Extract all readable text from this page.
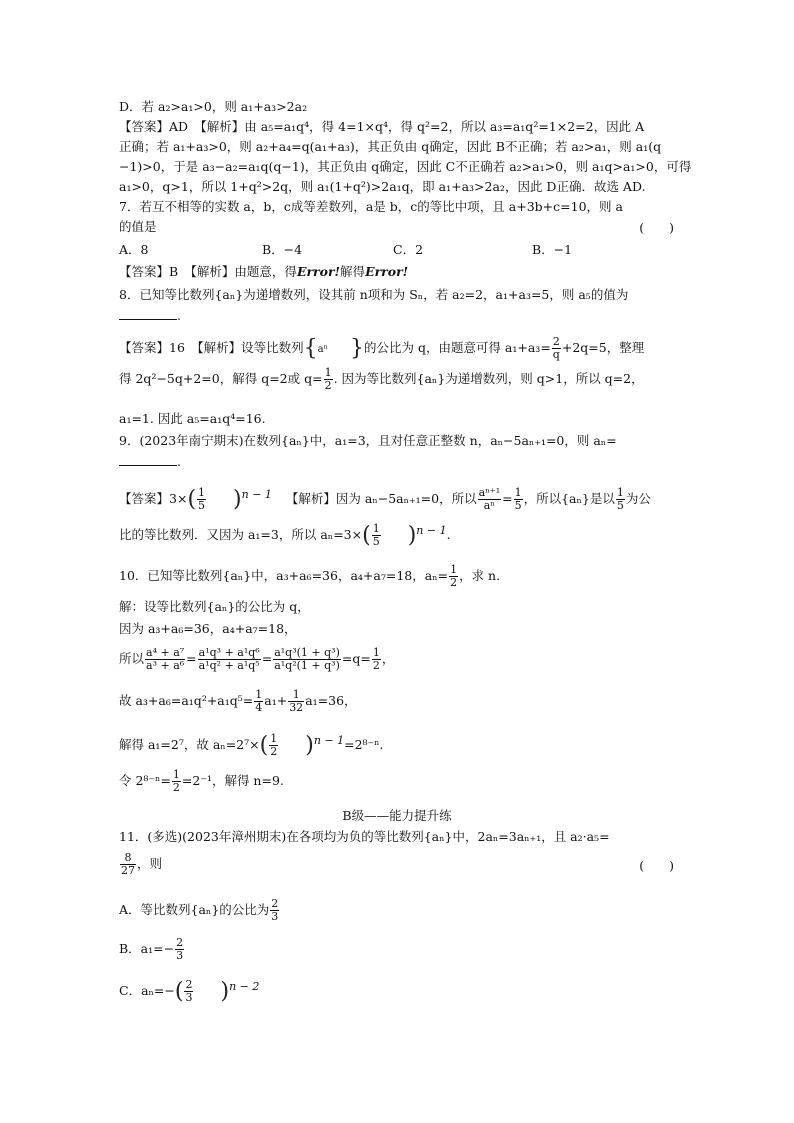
D．若 a₂>a₁>0，则 a₁+a₃>2a₂
【答案】AD　【解析】由 a₅=a₁q⁴，得 4=1×q⁴，得 q²=2，所以 a₃=a₁q²=1×2=2，因此 A
正确；若 a₁+a₃>0，则 a₂+a₄=q(a₁+a₃)，其正负由 q确定，因此 B不正确；若 a₂>a₁，则 a₁(q
−1)>0，于是 a₃−a₂=a₁q(q−1)，其正负由 q确定，因此 C不正确若 a₂>a₁>0，则 a₁q>a₁>0，可得
a₁>0，q>1，所以 1+q²>2q，则 a₁(1+q²)>2a₁q，即 a₁+a₃>2a₂，因此 D正确．故选 AD.
7．若互不相等的实数 a，b，c成等差数列，a是 b，c的等比中项，且 a+3b+c=10，则 a
的值是	(　　)
A．8	B．−4	C．2	B．−1
【答案】B　【解析】由题意，得Error!解得Error!
8．已知等比数列{aₙ}为递增数列，设其前 n项和为 Sₙ，若 a₂=2，a₁+a₃=5，则 a₅的值为
.
【答案】16　【解析】设等比数列{aⁿ }的公比为 q，由题意可得 $a_1+a_3= \frac{2}{q} +2q=5$，整理
得 2q²−5q+2=0，解得 q=2或 $q= \frac{1}{2}$ . 因为等比数列{aₙ}为递增数列，则 q>1，所以 q=2，
a₁=1. 因此 a₅=a₁q⁴=16.
9．(2023年南宁期末)在数列{aₙ}中，a₁=3，且对任意正整数 n，aₙ−5aₙ₊₁=0，则 aₙ=
.
【答案】$3\times( \frac{1}{5} )^{n - 1}$ 【解析】因为 aₙ−5aₙ₊₁=0，所以 $\frac{\text{aⁿ⁺¹}}{\text{aⁿ}} = \frac{1}{5}$ ，所以{aₙ}是以 $\frac{1}{5}$ 为公
比的等比数列．又因为 a₁=3，所以 $a_n=3\times( \frac{1}{5} )^{n - 1}$.
10．已知等比数列{aₙ}中，a₃+a₆=36，a₄+a₇=18，$a_n= \frac{1}{2}$ ，求 n.
解：设等比数列{aₙ}的公比为 q，
因为 a₃+a₆=36，a₄+a₇=18，
所以 $\frac{\text{a⁴ + a⁷}}{\text{a³ + a⁶}} = \frac{\text{a¹q³ + a¹q⁶}}{\text{a¹q² + a¹q⁵}} = \frac{\text{a¹q³(1 + q³)}}{\text{a¹q²(1 + q³)}} =q= \frac{1}{2}$ ，
故 $a_3+a_6=a_1q^2+a_1q^5= \frac{1}{4} a_1+ \frac{1}{32} a_1=36$，
解得 a₁=2⁷，故 $a_n=2^7\times( \frac{1}{2} )^{n - 1}=2^{8-n}$.
令 $2^{8-n}= \frac{1}{2} =2^{-1}$，解得 n=9.
B级——能力提升练
11．(多选)(2023年漳州期末)在各项均为负的等比数列{aₙ}中，2aₙ=3aₙ₊₁，且 a₂·a₅=
$\frac{8}{27}$ ，则	(　　)
A．等比数列{aₙ}的公比为 $\frac{2}{3}$
B．$a_1=- \frac{2}{3}$
C．$a_n=-( \frac{2}{3} )^{n - 2}$
